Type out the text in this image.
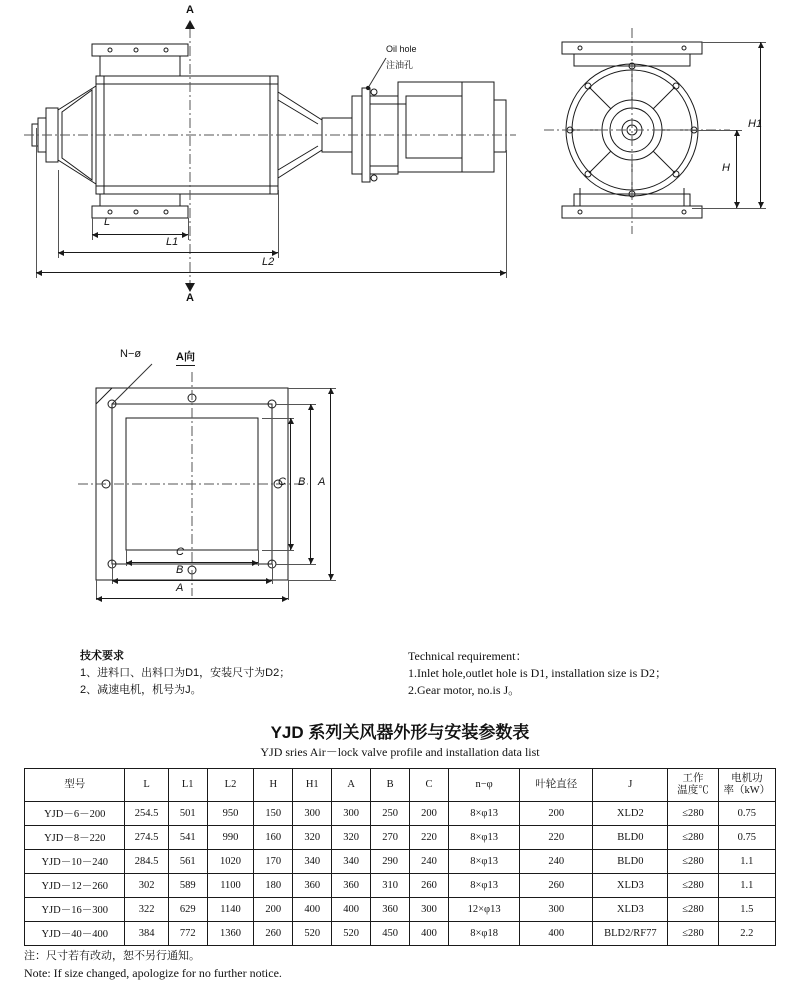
A
A
Oil hole
注油孔
L
L1
L2
H1
H
N−ø	A向
A
B
C
C
B
A
技术要求
1、进料口、出料口为D1，安装尺寸为D2；
2、减速电机，机号为J。
Technical requirement：
1.Inlet hole,outlet hole is D1, installation size is D2；
2.Gear motor, no.is J。
YJD 系列关风器外形与安装参数表
YJD sries Air－lock valve profile and installation data list
型号	L	L1	L2	H	H1	A	B	C	n−φ	叶轮直径	J	工作
温度℃	电机功
率（kW）
YJD－6－200	254.5	501	950	150	300	300	250	200	8×φ13	200	XLD2	≤280	0.75
YJD－8－220	274.5	541	990	160	320	320	270	220	8×φ13	220	BLD0	≤280	0.75
YJD－10－240	284.5	561	1020	170	340	340	290	240	8×φ13	240	BLD0	≤280	1.1
YJD－12－260	302	589	1100	180	360	360	310	260	8×φ13	260	XLD3	≤280	1.1
YJD－16－300	322	629	1140	200	400	400	360	300	12×φ13	300	XLD3	≤280	1.5
YJD－40－400	384	772	1360	260	520	520	450	400	8×φ18	400	BLD2/RF77	≤280	2.2
注：尺寸若有改动，恕不另行通知。
Note: If size changed, apologize for no further notice.
